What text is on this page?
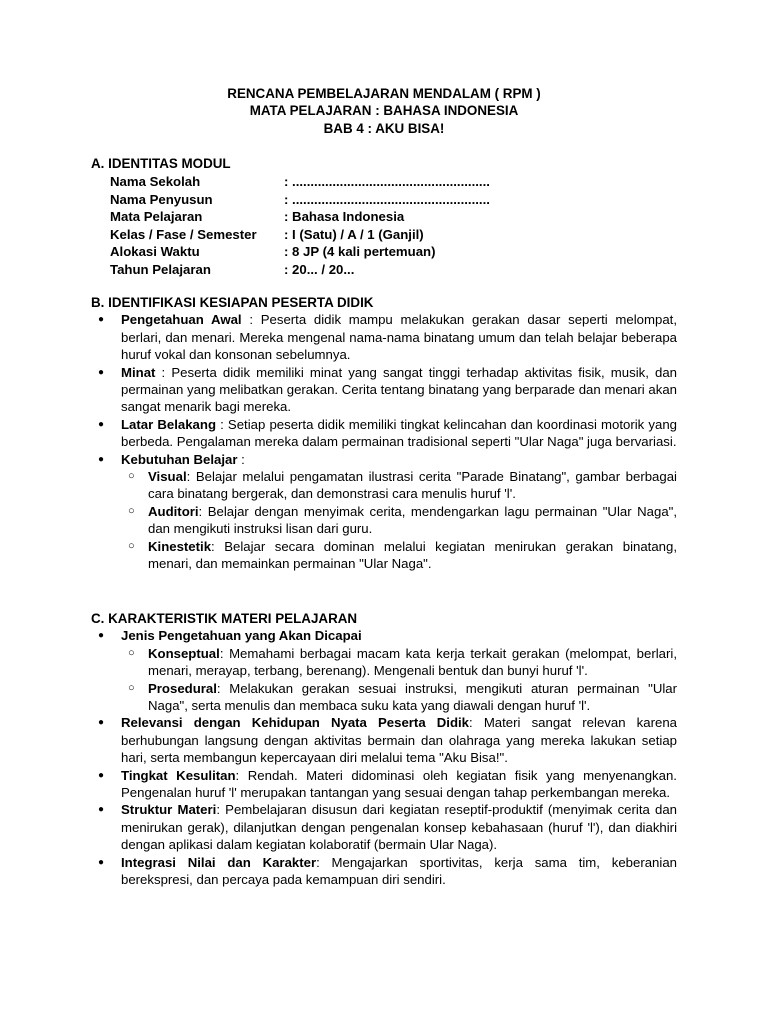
RENCANA PEMBELAJARAN MENDALAM ( RPM )
MATA PELAJARAN : BAHASA INDONESIA
BAB 4 : AKU BISA!
A. IDENTITAS MODUL
Nama Sekolah	: ......................................................
Nama Penyusun	: ......................................................
Mata Pelajaran	: Bahasa Indonesia
Kelas / Fase / Semester : I (Satu) / A / 1 (Ganjil)
Alokasi Waktu	: 8 JP (4 kali pertemuan)
Tahun Pelajaran	: 20... / 20...
B. IDENTIFIKASI KESIAPAN PESERTA DIDIK
● Pengetahuan Awal : Peserta didik mampu melakukan gerakan dasar seperti melompat, berlari, dan menari. Mereka mengenal nama-nama binatang umum dan telah belajar beberapa huruf vokal dan konsonan sebelumnya.
● Minat : Peserta didik memiliki minat yang sangat tinggi terhadap aktivitas fisik, musik, dan permainan yang melibatkan gerakan. Cerita tentang binatang yang berparade dan menari akan sangat menarik bagi mereka.
● Latar Belakang : Setiap peserta didik memiliki tingkat kelincahan dan koordinasi motorik yang berbeda. Pengalaman mereka dalam permainan tradisional seperti "Ular Naga" juga bervariasi.
● Kebutuhan Belajar :
○ Visual: Belajar melalui pengamatan ilustrasi cerita "Parade Binatang", gambar berbagai cara binatang bergerak, dan demonstrasi cara menulis huruf 'l'.
○ Auditori: Belajar dengan menyimak cerita, mendengarkan lagu permainan "Ular Naga", dan mengikuti instruksi lisan dari guru.
○ Kinestetik: Belajar secara dominan melalui kegiatan menirukan gerakan binatang, menari, dan memainkan permainan "Ular Naga".
C. KARAKTERISTIK MATERI PELAJARAN
● Jenis Pengetahuan yang Akan Dicapai
○ Konseptual: Memahami berbagai macam kata kerja terkait gerakan (melompat, berlari, menari, merayap, terbang, berenang). Mengenali bentuk dan bunyi huruf 'l'.
○ Prosedural: Melakukan gerakan sesuai instruksi, mengikuti aturan permainan "Ular Naga", serta menulis dan membaca suku kata yang diawali dengan huruf 'l'.
● Relevansi dengan Kehidupan Nyata Peserta Didik: Materi sangat relevan karena berhubungan langsung dengan aktivitas bermain dan olahraga yang mereka lakukan setiap hari, serta membangun kepercayaan diri melalui tema "Aku Bisa!".
● Tingkat Kesulitan: Rendah. Materi didominasi oleh kegiatan fisik yang menyenangkan. Pengenalan huruf 'l' merupakan tantangan yang sesuai dengan tahap perkembangan mereka.
● Struktur Materi: Pembelajaran disusun dari kegiatan reseptif-produktif (menyimak cerita dan menirukan gerak), dilanjutkan dengan pengenalan konsep kebahasaan (huruf 'l'), dan diakhiri dengan aplikasi dalam kegiatan kolaboratif (bermain Ular Naga).
● Integrasi Nilai dan Karakter: Mengajarkan sportivitas, kerja sama tim, keberanian berekspresi, dan percaya pada kemampuan diri sendiri.
